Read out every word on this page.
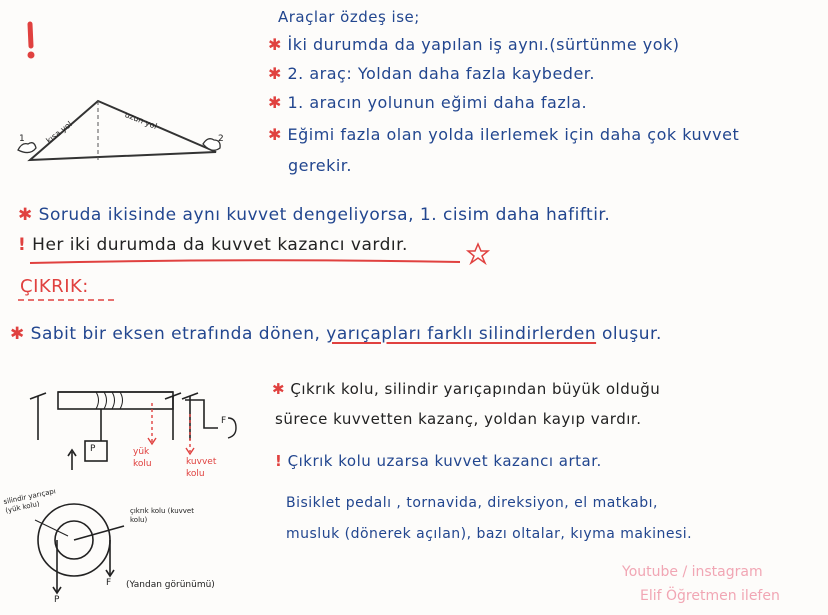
Araçlar özdeş ise;
✱ İki durumda da yapılan iş aynı.(sürtünme yok)
✱ 2. araç: Yoldan daha fazla kaybeder.
✱ 1. aracın yolunun eğimi daha fazla.
✱ Eğimi fazla olan yolda ilerlemek için daha çok kuvvet
gerekir.
kısa yol	uzun yol
1	2
✱ Soruda ikisinde aynı kuvvet dengeliyorsa, 1. cisim daha hafiftir.
! Her iki durumda da kuvvet kazancı vardır.
ÇIKRIK:
✱ Sabit bir eksen etrafında dönen, yarıçapları farklı silindirlerden oluşur.
P
F
yük kolu	kuvvet kolu
silindir yarıçapı (yük kolu)	çıkrık kolu (kuvvet kolu)
P
F (Yandan görünümü)
✱ Çıkrık kolu, silindir yarıçapından büyük olduğu
sürece kuvvetten kazanç, yoldan kayıp vardır.
! Çıkrık kolu uzarsa kuvvet kazancı artar.
Bisiklet pedalı , tornavida, direksiyon, el matkabı,
musluk (dönerek açılan), bazı oltalar, kıyma makinesi.
Youtube / instagram
Elif Öğretmen ilefen
